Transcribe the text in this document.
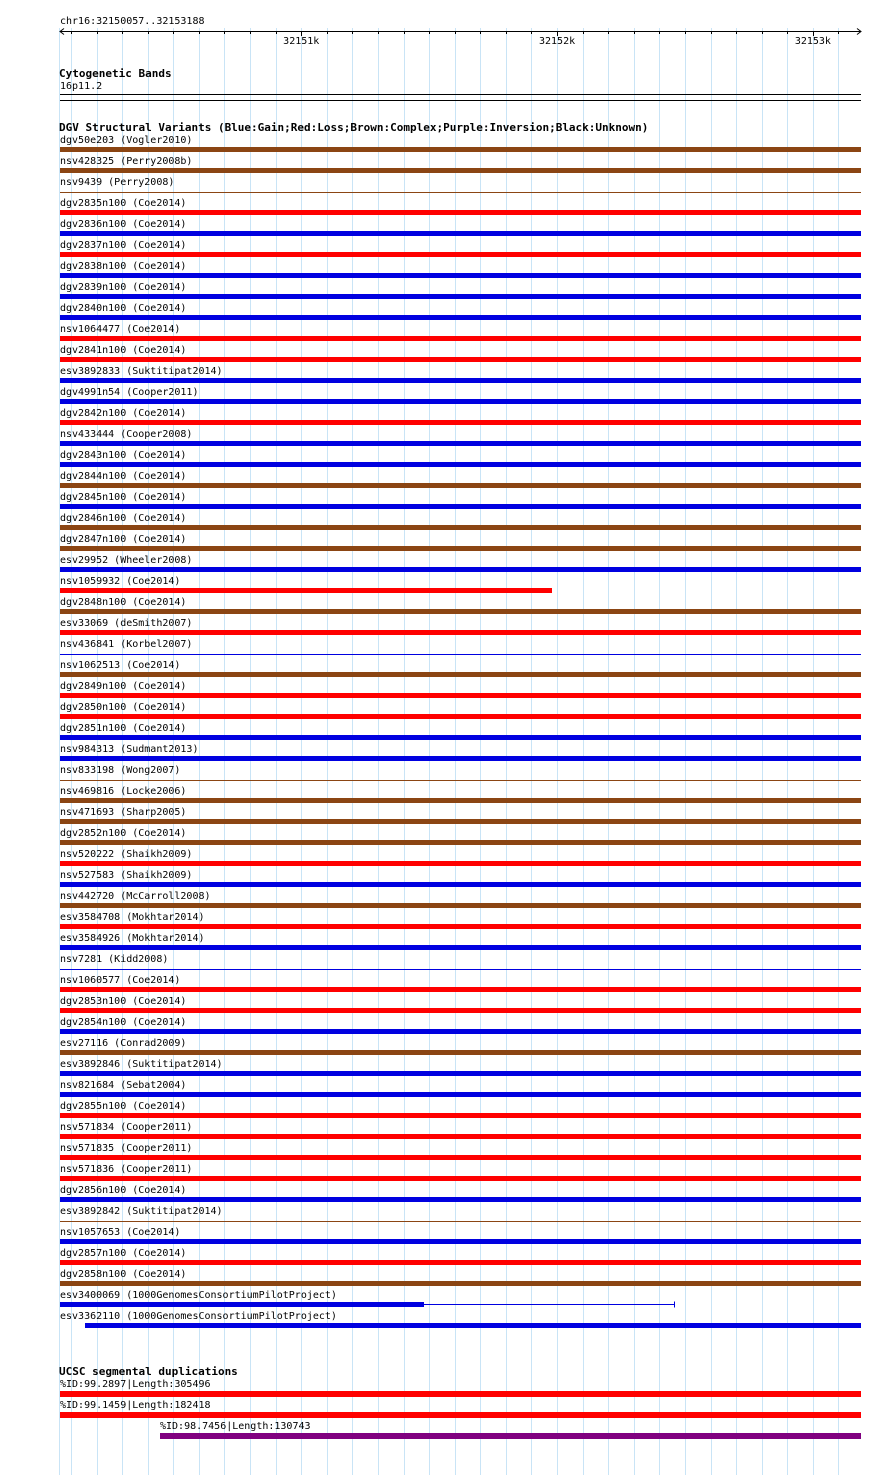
chr16:32150057..32153188
32151k	32152k	32153k
Cytogenetic Bands
16p11.2
DGV Structural Variants (Blue:Gain;Red:Loss;Brown:Complex;Purple:Inversion;Black:Unknown)
dgv50e203 (Vogler2010)
nsv428325 (Perry2008b)
nsv9439 (Perry2008)
dgv2835n100 (Coe2014)
dgv2836n100 (Coe2014)
dgv2837n100 (Coe2014)
dgv2838n100 (Coe2014)
dgv2839n100 (Coe2014)
dgv2840n100 (Coe2014)
nsv1064477 (Coe2014)
dgv2841n100 (Coe2014)
esv3892833 (Suktitipat2014)
dgv4991n54 (Cooper2011)
dgv2842n100 (Coe2014)
nsv433444 (Cooper2008)
dgv2843n100 (Coe2014)
dgv2844n100 (Coe2014)
dgv2845n100 (Coe2014)
dgv2846n100 (Coe2014)
dgv2847n100 (Coe2014)
esv29952 (Wheeler2008)
nsv1059932 (Coe2014)
dgv2848n100 (Coe2014)
esv33069 (deSmith2007)
nsv436841 (Korbel2007)
nsv1062513 (Coe2014)
dgv2849n100 (Coe2014)
dgv2850n100 (Coe2014)
dgv2851n100 (Coe2014)
nsv984313 (Sudmant2013)
nsv833198 (Wong2007)
nsv469816 (Locke2006)
nsv471693 (Sharp2005)
dgv2852n100 (Coe2014)
nsv520222 (Shaikh2009)
nsv527583 (Shaikh2009)
nsv442720 (McCarroll2008)
esv3584708 (Mokhtar2014)
esv3584926 (Mokhtar2014)
nsv7281 (Kidd2008)
nsv1060577 (Coe2014)
dgv2853n100 (Coe2014)
dgv2854n100 (Coe2014)
esv27116 (Conrad2009)
esv3892846 (Suktitipat2014)
nsv821684 (Sebat2004)
dgv2855n100 (Coe2014)
nsv571834 (Cooper2011)
nsv571835 (Cooper2011)
nsv571836 (Cooper2011)
dgv2856n100 (Coe2014)
esv3892842 (Suktitipat2014)
nsv1057653 (Coe2014)
dgv2857n100 (Coe2014)
dgv2858n100 (Coe2014)
esv3400069 (1000GenomesConsortiumPilotProject)
esv3362110 (1000GenomesConsortiumPilotProject)
UCSC segmental duplications
%ID:99.2897|Length:305496
%ID:99.1459|Length:182418
%ID:98.7456|Length:130743
